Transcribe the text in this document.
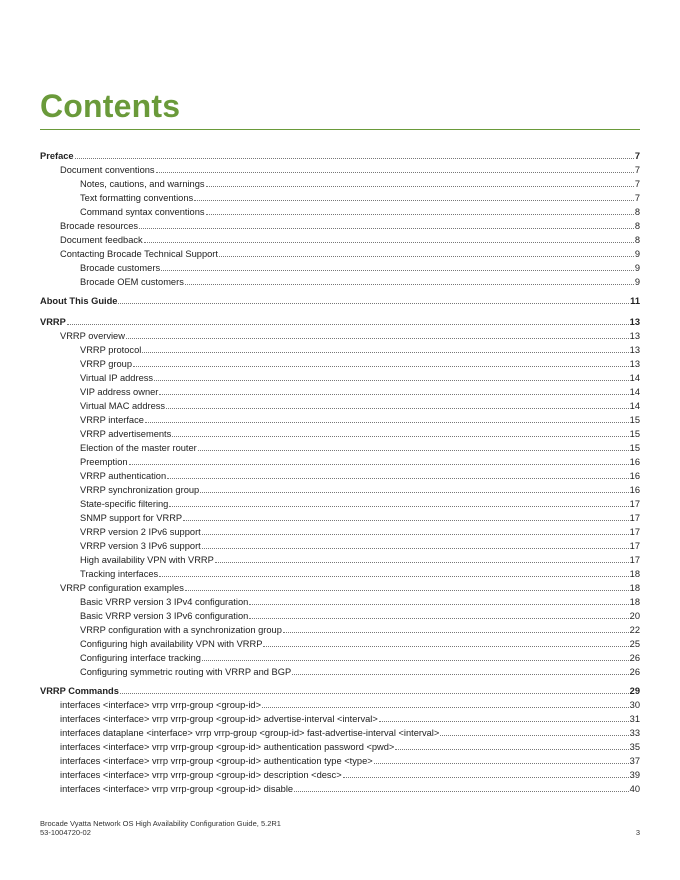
Contents
Preface	7
Document conventions	7
Notes, cautions, and warnings	7
Text formatting conventions	7
Command syntax conventions	8
Brocade resources	8
Document feedback	8
Contacting Brocade Technical Support	9
Brocade customers	9
Brocade OEM customers	9
About This Guide	11
VRRP	13
VRRP overview	13
VRRP protocol	13
VRRP group	13
Virtual IP address	14
VIP address owner	14
Virtual MAC address	14
VRRP interface	15
VRRP advertisements	15
Election of the master router	15
Preemption	16
VRRP authentication	16
VRRP synchronization group	16
State-specific filtering	17
SNMP support for VRRP	17
VRRP version 2 IPv6 support	17
VRRP version 3 IPv6 support	17
High availability VPN with VRRP	17
Tracking interfaces	18
VRRP configuration examples	18
Basic VRRP version 3 IPv4 configuration	18
Basic VRRP version 3 IPv6 configuration	20
VRRP configuration with a synchronization group	22
Configuring high availability VPN with VRRP	25
Configuring interface tracking	26
Configuring symmetric routing with VRRP and BGP	26
VRRP Commands	29
interfaces <interface> vrrp vrrp-group <group-id>	30
interfaces <interface> vrrp vrrp-group <group-id> advertise-interval <interval>	31
interfaces dataplane <interface> vrrp vrrp-group <group-id> fast-advertise-interval <interval>	33
interfaces <interface> vrrp vrrp-group <group-id> authentication password <pwd>	35
interfaces <interface> vrrp vrrp-group <group-id> authentication type <type>	37
interfaces <interface> vrrp vrrp-group <group-id> description <desc>	39
interfaces <interface> vrrp vrrp-group <group-id> disable	40
Brocade Vyatta Network OS High Availability Configuration Guide, 5.2R1
53-1004720-02	3
